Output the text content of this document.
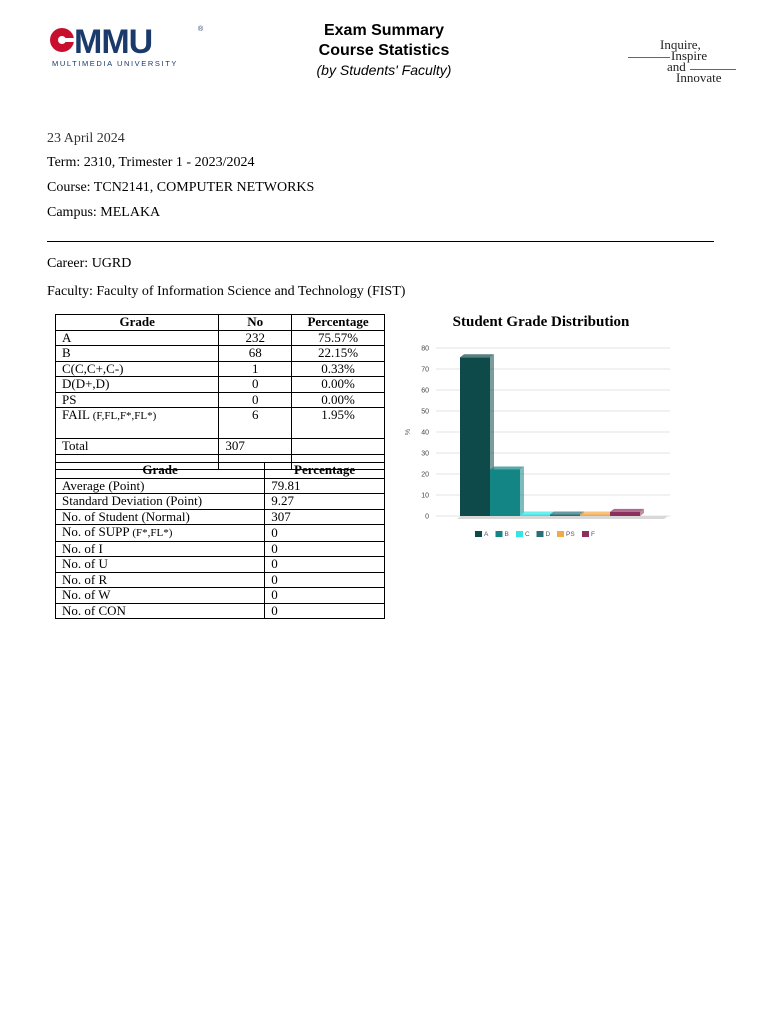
MMU	®
MULTIMEDIA UNIVERSITY
Exam Summary
Course Statistics
(by Students' Faculty)
Inquire,
Inspire
and
Innovate
23 April 2024
Term: 2310, Trimester 1 - 2023/2024
Course: TCN2141, COMPUTER NETWORKS
Campus: MELAKA
Career: UGRD
Faculty: Faculty of Information Science and Technology (FIST)
Grade	No	Percentage
A	232	75.57%
B	68	22.15%
C(C,C+,C-)	1	0.33%
D(D+,D)	0	0.00%
PS	0	0.00%
FAIL (F,FL,F*,FL*)	6	1.95%
Total	307	

Grade	Percentage
Average (Point)	79.81
Standard Deviation (Point)	9.27
No. of Student (Normal)	307
No. of SUPP (F*,FL*)	0
No. of I	0
No. of U	0
No. of R	0
No. of W	0
No. of CON	0
Student Grade Distribution
0
10
20
30
40
50
60
70
80
%
A B C D PS	F
